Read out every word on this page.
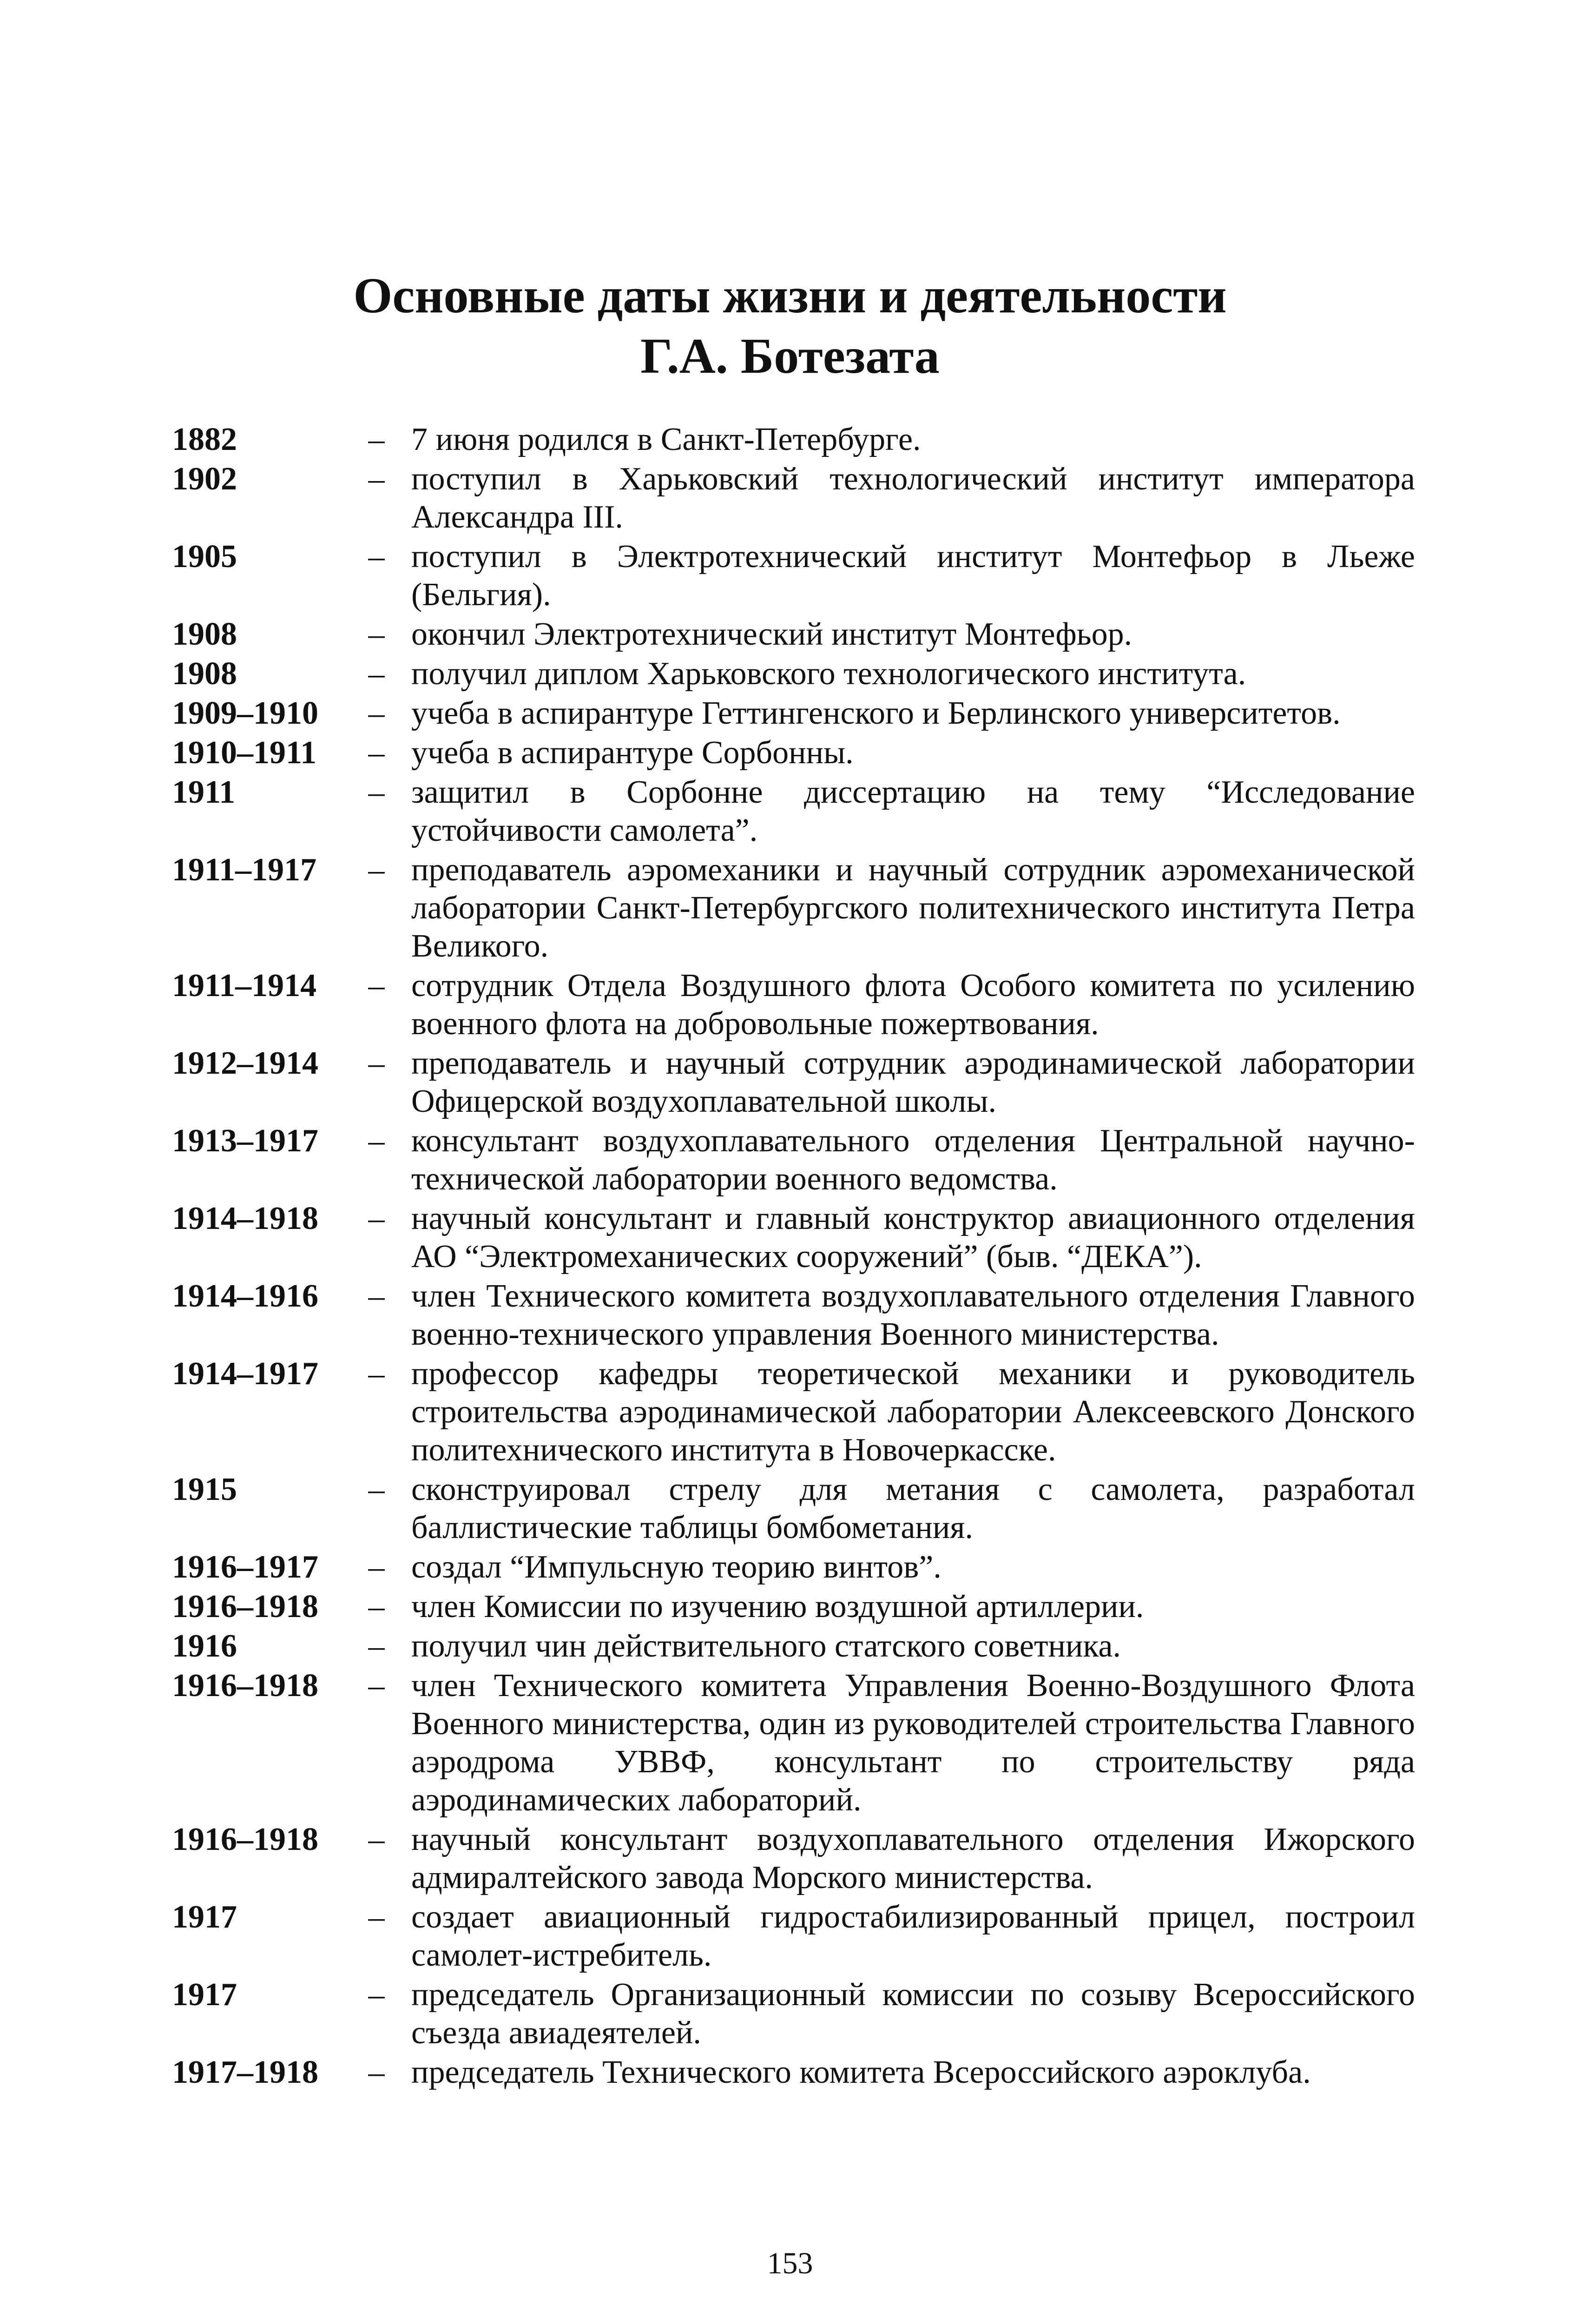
Основные даты жизни и деятельности
Г.А. Ботезата
1882	– 7 июня родился в Санкт-Петербурге.
1902	– поступил в Харьковский технологический институт императора Александра III.
1905	– поступил в Электротехнический институт Монтефьор в Льеже (Бельгия).
1908	– окончил Электротехнический институт Монтефьор.
1908	– получил диплом Харьковского технологического института.
1909–1910	– учеба в аспирантуре Геттингенского и Берлинского университетов.
1910–1911	– учеба в аспирантуре Сорбонны.
1911	– защитил в Сорбонне диссертацию на тему “Исследование устойчивости самолета”.
1911–1917	– преподаватель аэромеханики и научный сотрудник аэромеханической лаборатории Санкт-Петербургского политехнического института Петра Великого.
1911–1914	– сотрудник Отдела Воздушного флота Особого комитета по усилению военного флота на добровольные пожертвования.
1912–1914	– преподаватель и научный сотрудник аэродинамической лаборатории Офицерской воздухоплавательной школы.
1913–1917	– консультант воздухоплавательного отделения Центральной научно-технической лаборатории военного ведомства.
1914–1918	– научный консультант и главный конструктор авиационного отделения АО “Электромеханических сооружений” (быв. “ДЕКА”).
1914–1916	– член Технического комитета воздухоплавательного отделения Главного военно-технического управления Военного министерства.
1914–1917	– профессор кафедры теоретической механики и руководитель строительства аэродинамической лаборатории Алексеевского Донского политехнического института в Новочеркасске.
1915	– сконструировал стрелу для метания с самолета, разработал баллистические таблицы бомбометания.
1916–1917	– создал “Импульсную теорию винтов”.
1916–1918	– член Комиссии по изучению воздушной артиллерии.
1916	– получил чин действительного статского советника.
1916–1918	– член Технического комитета Управления Военно-Воздушного Флота Военного министерства, один из руководителей строительства Главного аэродрома УВВФ, консультант по строительству ряда аэродинамических лабораторий.
1916–1918	– научный консультант воздухоплавательного отделения Ижорского адмиралтейского завода Морского министерства.
1917	– создает авиационный гидростабилизированный прицел, построил самолет-истребитель.
1917	– председатель Организационный комиссии по созыву Всероссийского съезда авиадеятелей.
1917–1918	– председатель Технического комитета Всероссийского аэроклуба.
153
